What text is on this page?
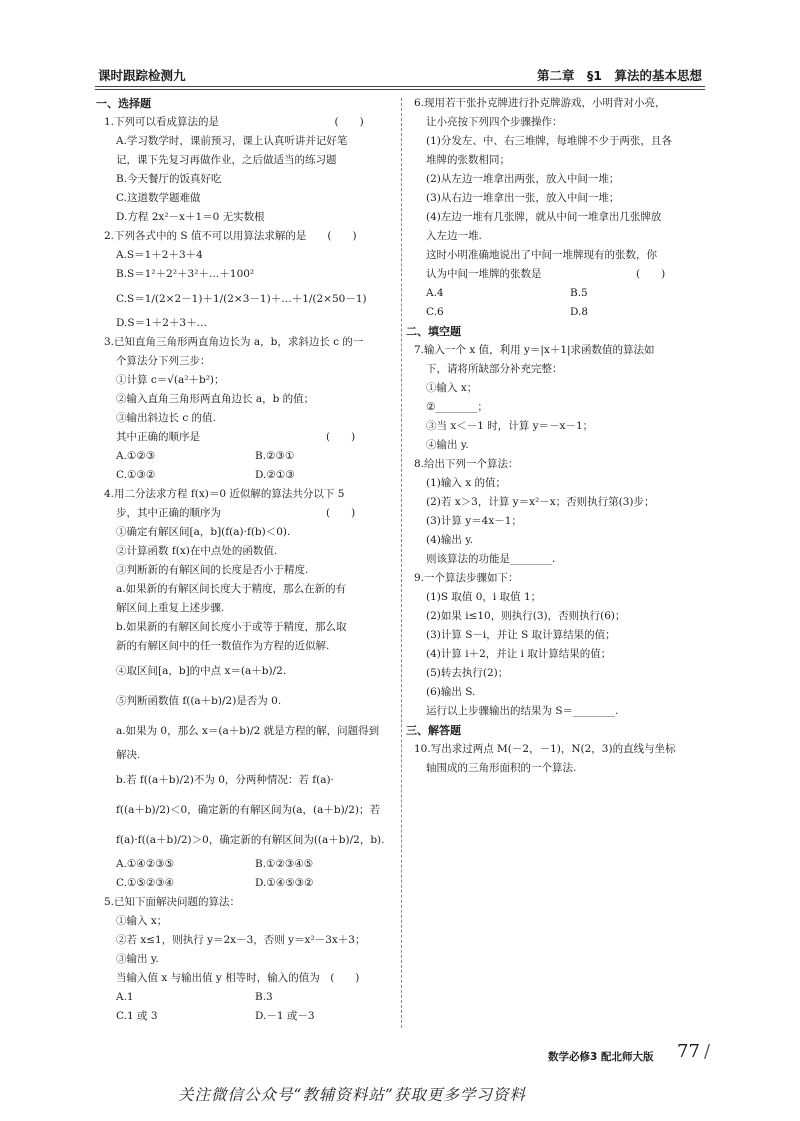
课时跟踪检测九	第二章　§1　算法的基本思想
一、选择题
1.下列可以看成算法的是　　　　　　　　　　　(　　)
A.学习数学时，课前预习，课上认真听讲并记好笔
记，课下先复习再做作业，之后做适当的练习题
B.今天餐厅的饭真好吃
C.这道数学题难做
D.方程 2x²－x＋1＝0 无实数根
2.下列各式中的 S 值不可以用算法求解的是　　(　　)
A.S＝1＋2＋3＋4
B.S＝1²＋2²＋3²＋…＋100²
C.S＝1/(2×2－1)＋1/(2×3－1)＋…＋1/(2×50－1)
D.S＝1＋2＋3＋…
3.已知直角三角形两直角边长为 a，b，求斜边长 c 的一
个算法分下列三步：
①计算 c＝√(a²＋b²)；
②输入直角三角形两直角边长 a，b 的值；
③输出斜边长 c 的值.
其中正确的顺序是　　　　　　　　　　　　(　　)
A.①②③	B.②③①
C.①③②	D.②①③
4.用二分法求方程 f(x)＝0 近似解的算法共分以下 5
步，其中正确的顺序为　　　　　　　　　　(　　)
①确定有解区间[a，b](f(a)·f(b)＜0).
②计算函数 f(x)在中点处的函数值.
③判断新的有解区间的长度是否小于精度.
a.如果新的有解区间长度大于精度，那么在新的有
解区间上重复上述步骤.
b.如果新的有解区间长度小于或等于精度，那么取
新的有解区间中的任一数值作为方程的近似解.
④取区间[a，b]的中点 x＝(a＋b)/2.
⑤判断函数值 f((a＋b)/2)是否为 0.
a.如果为 0，那么 x＝(a＋b)/2 就是方程的解，问题得到
解决.
b.若 f((a＋b)/2)不为 0，分两种情况：若 f(a)·
f((a＋b)/2)＜0，确定新的有解区间为(a，(a＋b)/2)；若
f(a)·f((a＋b)/2)＞0，确定新的有解区间为((a＋b)/2，b).
A.①④②③⑤	B.①②③④⑤
C.①⑤②③④	D.①④⑤③②
5.已知下面解决问题的算法：
①输入 x；
②若 x≤1，则执行 y＝2x－3，否则 y＝x²－3x＋3；
③输出 y.
当输入值 x 与输出值 y 相等时，输入的值为　(　　)
A.1	B.3
C.1 或 3	D.－1 或－3
6.现用若干张扑克牌进行扑克牌游戏，小明背对小亮，
让小亮按下列四个步骤操作：
(1)分发左、中、右三堆牌，每堆牌不少于两张，且各
堆牌的张数相同；
(2)从左边一堆拿出两张，放入中间一堆；
(3)从右边一堆拿出一张，放入中间一堆；
(4)左边一堆有几张牌，就从中间一堆拿出几张牌放
入左边一堆.
这时小明准确地说出了中间一堆牌现有的张数，你
认为中间一堆牌的张数是　　　　　　　　　(　　)
A.4	B.5
C.6	D.8
二、填空题
7.输入一个 x 值，利用 y＝|x＋1|求函数值的算法如
下，请将所缺部分补充完整：
①输入 x；
②________；
③当 x＜－1 时，计算 y＝－x－1；
④输出 y.
8.给出下列一个算法：
(1)输入 x 的值；
(2)若 x＞3，计算 y＝x²－x；否则执行第(3)步；
(3)计算 y＝4x－1；
(4)输出 y.
则该算法的功能是________.
9.一个算法步骤如下：
(1)S 取值 0，i 取值 1；
(2)如果 i≤10，则执行(3)，否则执行(6)；
(3)计算 S－i，并让 S 取计算结果的值；
(4)计算 i＋2，并让 i 取计算结果的值；
(5)转去执行(2)；
(6)输出 S.
运行以上步骤输出的结果为 S＝________.
三、解答题
10.写出求过两点 M(－2，－1)，N(2，3)的直线与坐标
轴围成的三角形面积的一个算法.
数学必修3 配北师大版 77 /
关注微信公众号“教辅资料站”获取更多学习资料
